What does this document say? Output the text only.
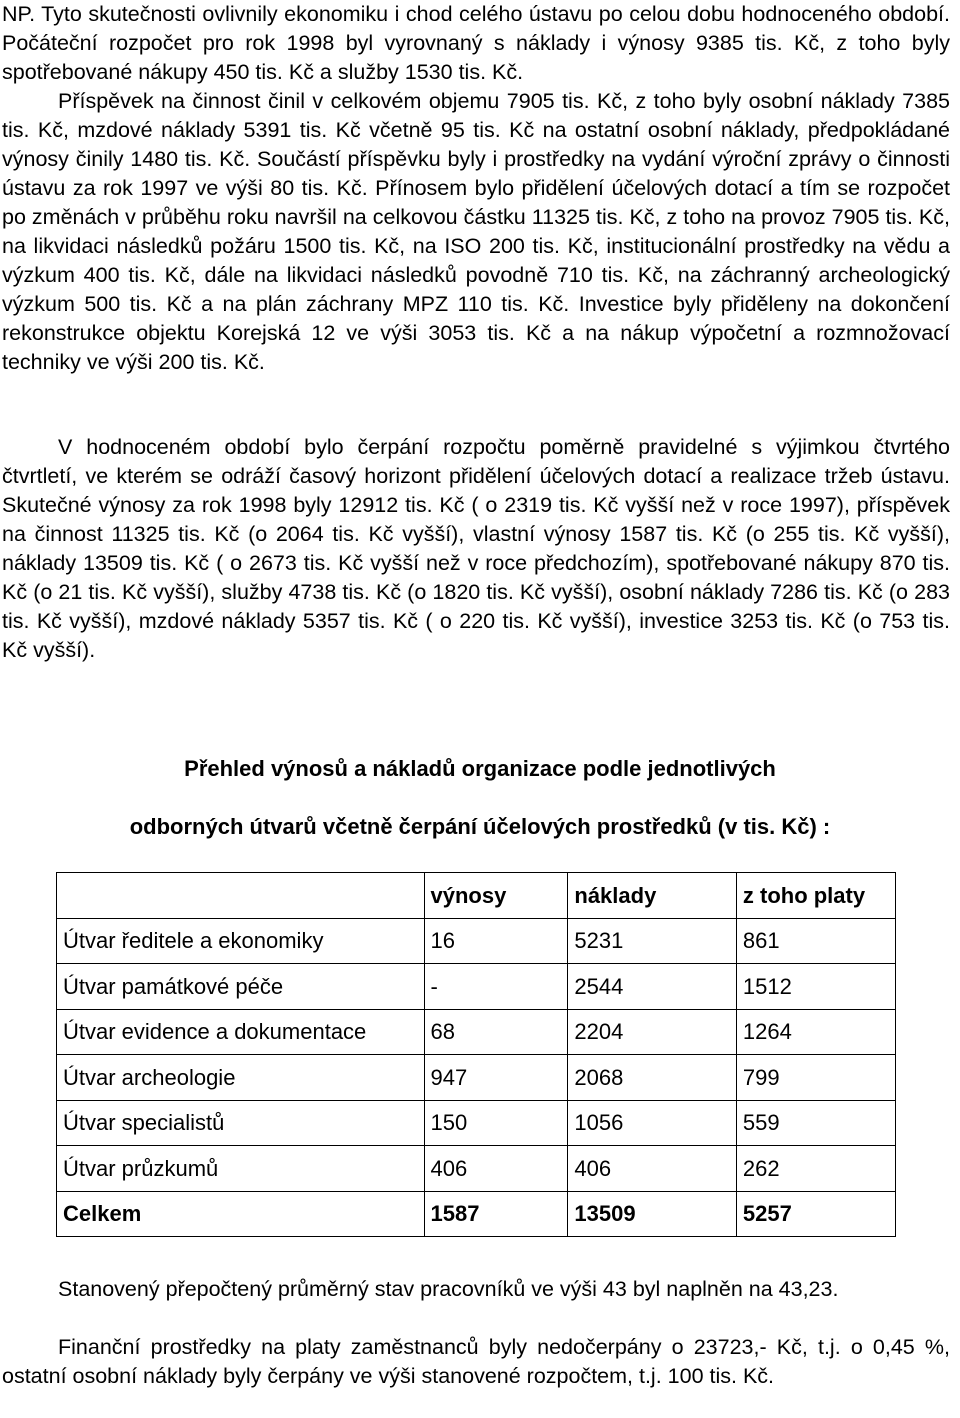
NP. Tyto skutečnosti ovlivnily ekonomiku i chod celého ústavu po celou dobu hodnoceného období. Počáteční rozpočet pro rok 1998 byl vyrovnaný s náklady i výnosy 9385 tis. Kč, z toho byly spotřebované nákupy 450 tis. Kč a služby 1530 tis. Kč.

Příspěvek na činnost činil v celkovém objemu 7905 tis. Kč, z toho byly osobní náklady 7385 tis. Kč, mzdové náklady 5391 tis. Kč včetně 95 tis. Kč na ostatní osobní náklady, předpokládané výnosy činily 1480 tis. Kč. Součástí příspěvku byly i prostředky na vydání výroční zprávy o činnosti ústavu za rok 1997 ve výši 80 tis. Kč. Přínosem bylo přidělení účelových dotací a tím se rozpočet po změnách v průběhu roku navršil na celkovou částku 11325 tis. Kč, z toho na provoz 7905 tis. Kč, na likvidaci následků požáru 1500 tis. Kč, na ISO 200 tis. Kč, institucionální prostředky na vědu a výzkum 400 tis. Kč, dále na likvidaci následků povodně 710 tis. Kč, na záchranný archeologický výzkum 500 tis. Kč a na plán záchrany MPZ 110 tis. Kč. Investice byly přiděleny na dokončení rekonstrukce objektu Korejská 12 ve výši 3053 tis. Kč a na nákup výpočetní a rozmnožovací techniky ve výši 200 tis. Kč.

V hodnoceném období bylo čerpání rozpočtu poměrně pravidelné s výjimkou čtvrtého čtvrtletí, ve kterém se odráží časový horizont přidělení účelových dotací a realizace tržeb ústavu. Skutečné výnosy za rok 1998 byly 12912 tis. Kč ( o 2319 tis. Kč vyšší než v roce 1997), příspěvek na činnost 11325 tis. Kč (o 2064 tis. Kč vyšší), vlastní výnosy 1587 tis. Kč (o 255 tis. Kč vyšší), náklady 13509 tis. Kč ( o 2673 tis. Kč vyšší než v roce předchozím), spotřebované nákupy 870 tis. Kč (o 21 tis. Kč vyšší), služby 4738 tis. Kč (o 1820 tis. Kč vyšší), osobní náklady 7286 tis. Kč (o 283 tis. Kč vyšší), mzdové náklady 5357 tis. Kč ( o 220 tis. Kč vyšší), investice 3253 tis. Kč (o 753 tis. Kč vyšší).

Přehled výnosů a nákladů organizace podle jednotlivých

odborných útvarů včetně čerpání účelových prostředků (v tis. Kč) :

	výnosy	náklady	z toho platy
Útvar ředitele a ekonomiky	16	5231	861
Útvar památkové péče	-	2544	1512
Útvar evidence a dokumentace	68	2204	1264
Útvar archeologie	947	2068	799
Útvar specialistů	150	1056	559
Útvar průzkumů	406	406	262
Celkem	1587	13509	5257

Stanovený přepočtený průměrný stav pracovníků ve výši 43 byl naplněn na 43,23.

Finanční prostředky na platy zaměstnanců byly nedočerpány o 23723,- Kč, t.j. o 0,45 %, ostatní osobní náklady byly čerpány ve výši stanovené rozpočtem, t.j. 100 tis. Kč.
